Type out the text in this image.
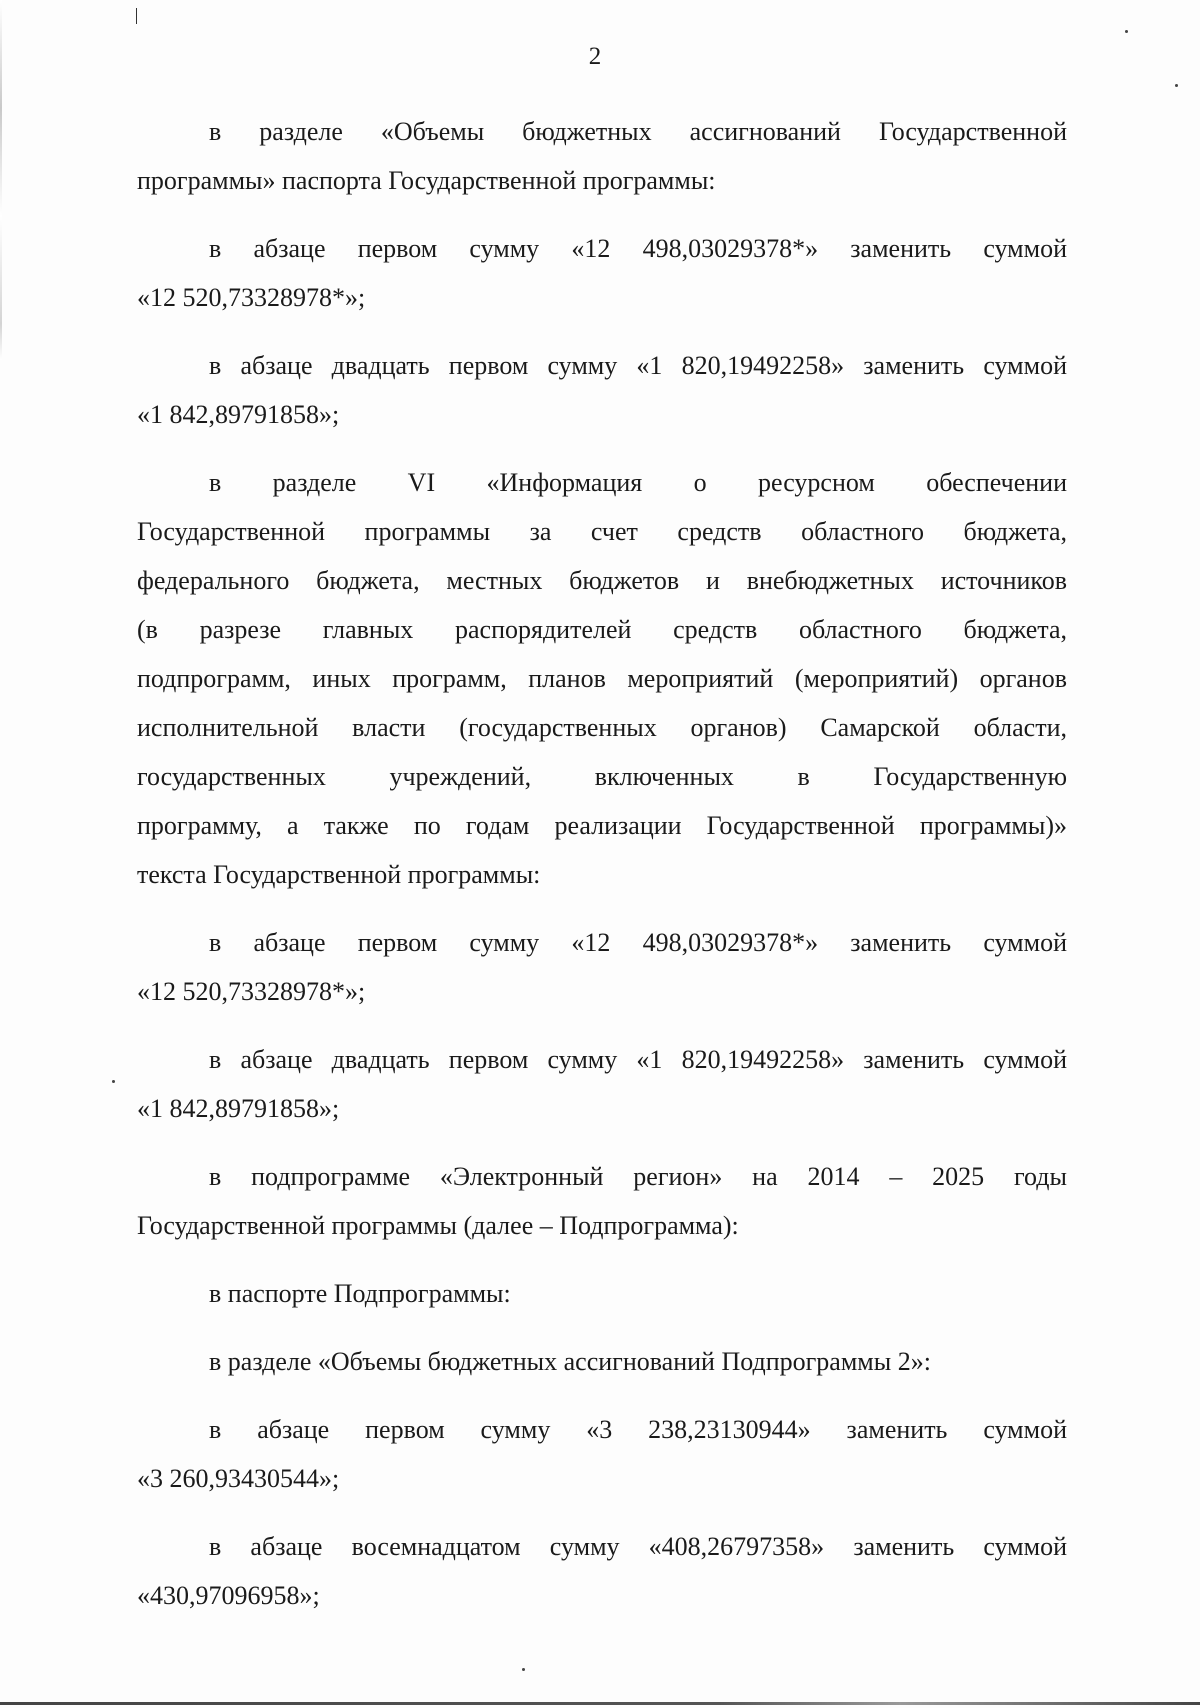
2
в разделе «Объемы бюджетных ассигнований Государственной
программы» паспорта Государственной программы:
в абзаце первом сумму «12 498,03029378*» заменить суммой
«12 520,73328978*»;
в абзаце двадцать первом сумму «1 820,19492258» заменить суммой
«1 842,89791858»;
в разделе VI «Информация о ресурсном обеспечении
Государственной программы за счет средств областного бюджета,
федерального бюджета, местных бюджетов и внебюджетных источников
(в разрезе главных распорядителей средств областного бюджета,
подпрограмм, иных программ, планов мероприятий (мероприятий) органов
исполнительной власти (государственных органов) Самарской области,
государственных учреждений, включенных в Государственную
программу, а также по годам реализации Государственной программы)»
текста Государственной программы:
в абзаце первом сумму «12 498,03029378*» заменить суммой
«12 520,73328978*»;
в абзаце двадцать первом сумму «1 820,19492258» заменить суммой
«1 842,89791858»;
в подпрограмме «Электронный регион» на 2014 – 2025 годы
Государственной программы (далее – Подпрограмма):
в паспорте Подпрограммы:
в разделе «Объемы бюджетных ассигнований Подпрограммы 2»:
в абзаце первом сумму «3 238,23130944» заменить суммой
«3 260,93430544»;
в абзаце восемнадцатом сумму «408,26797358» заменить суммой
«430,97096958»;
